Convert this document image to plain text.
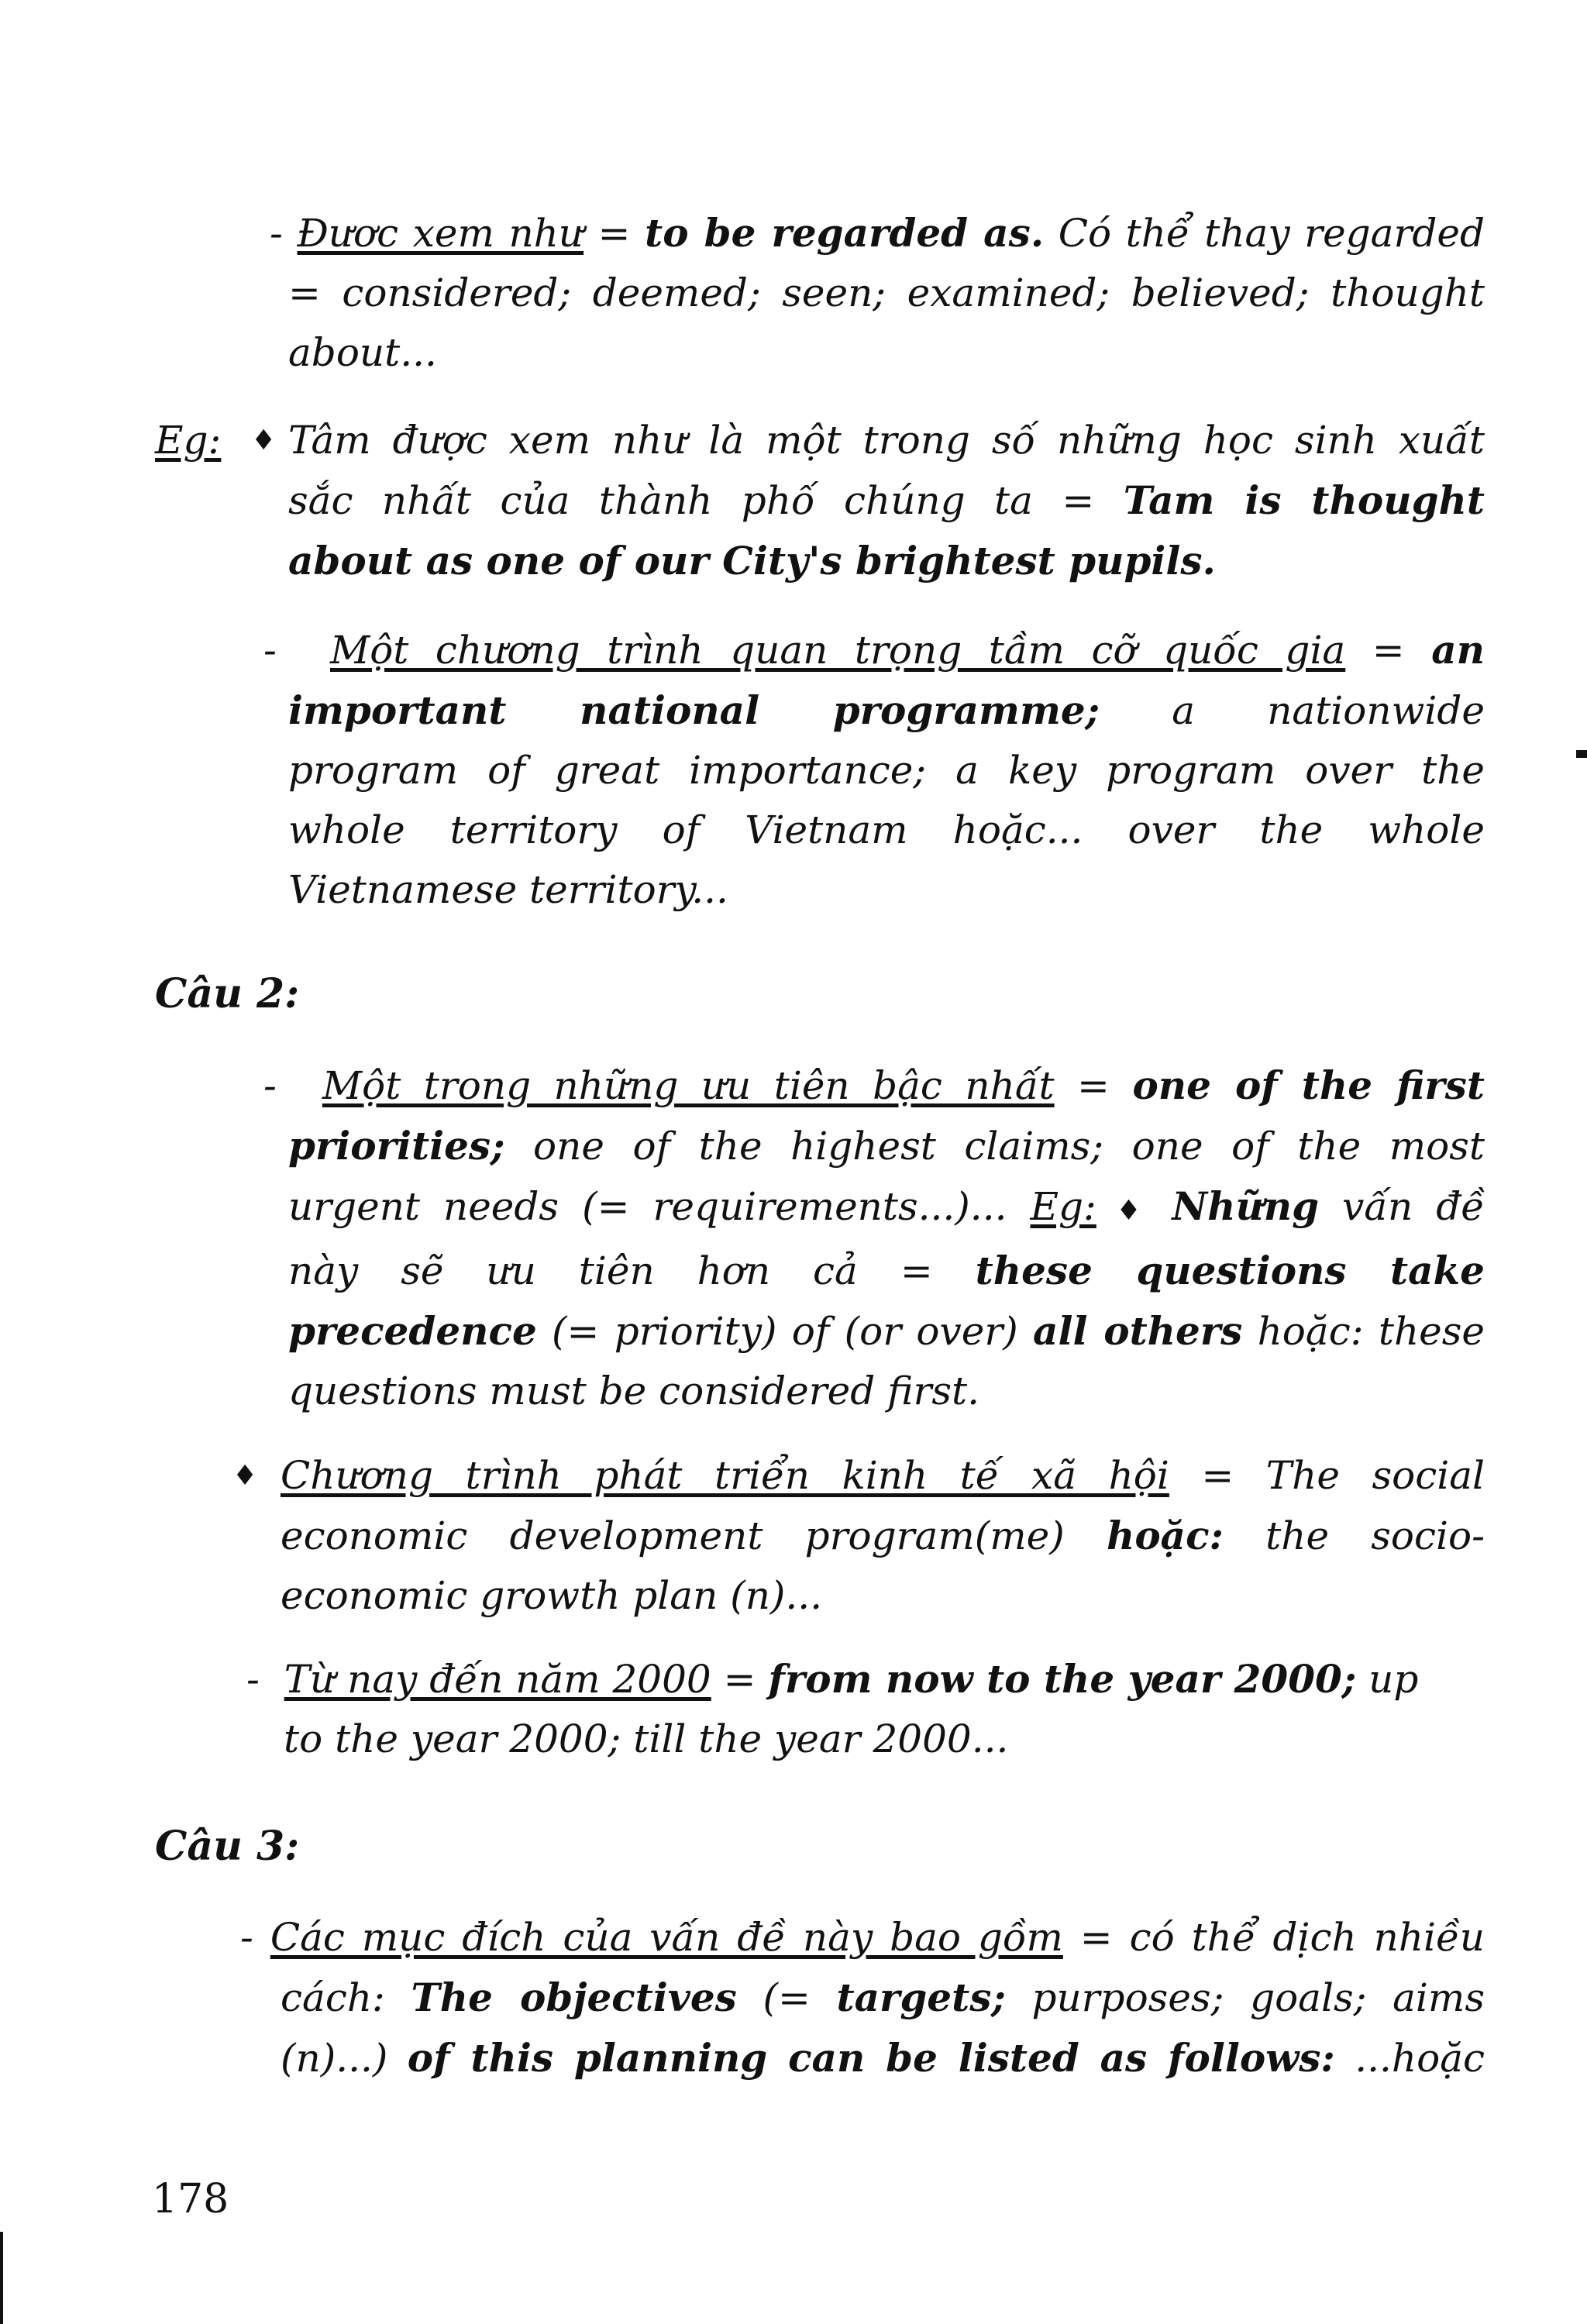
- Đươc xem như = to be regarded as. Có thể thay regarded
= considered; deemed; seen; examined; believed; thought
about...
Eg: ♦ Tâm được xem như là một trong số những học sinh xuất
sắc nhất của thành phố chúng ta = Tam is thought
about as one of our City's brightest pupils.
- Một chương trình quan trọng tầm cỡ quốc gia = an
important national programme; a nationwide
program of great importance; a key program over the
whole territory of Vietnam hoặc... over the whole
Vietnamese territory...
Câu 2:
- Một trong những ưu tiên bậc nhất = one of the first
priorities; one of the highest claims; one of the most
urgent needs (= requirements...)... Eg: ♦ Những vấn đề
này sẽ ưu tiên hơn cả = these questions take
precedence (= priority) of (or over) all others hoặc: these
questions must be considered first.
♦ Chương trình phát triển kinh tế xã hội = The social
economic development program(me) hoặc: the socio-
economic growth plan (n)...
- Từ nay đến năm 2000 = from now to the year 2000; up
to the year 2000; till the year 2000...
Câu 3:
- Các mục đích của vấn đề này bao gồm = có thể dịch nhiều
cách: The objectives (= targets; purposes; goals; aims
(n)...) of this planning can be listed as follows: ...hoặc
178
